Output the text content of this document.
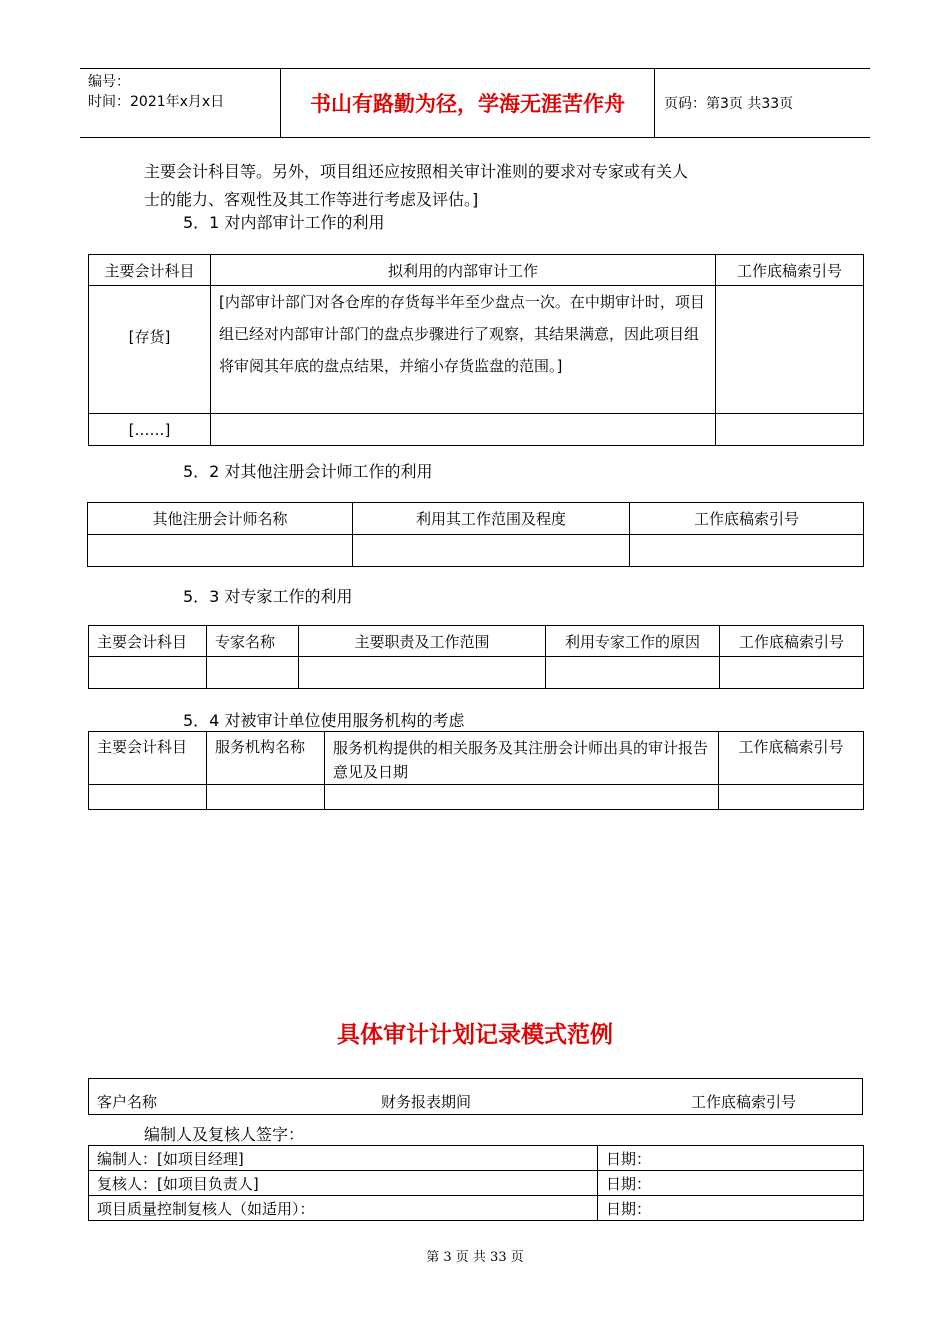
编号：
时间：2021年x月x日	书山有路勤为径，学海无涯苦作舟	页码：第3页 共33页
主要会计科目等。另外，项目组还应按照相关审计准则的要求对专家或有关人
士的能力、客观性及其工作等进行考虑及评估。]
5．1 对内部审计工作的利用
主要会计科目	拟利用的内部审计工作	工作底稿索引号
[存货]	[内部审计部门对各仓库的存货每半年至少盘点一次。在中期审计时，项目组已经对内部审计部门的盘点步骤进行了观察，其结果满意，因此项目组将审阅其年底的盘点结果，并缩小存货监盘的范围。]	
[……]		
5．2 对其他注册会计师工作的利用
其他注册会计师名称	利用其工作范围及程度	工作底稿索引号

5．3 对专家工作的利用
主要会计科目	专家名称	主要职责及工作范围	利用专家工作的原因	工作底稿索引号

5．4 对被审计单位使用服务机构的考虑
主要会计科目	服务机构名称	服务机构提供的相关服务及其注册会计师出具的审计报告意见及日期	工作底稿索引号

具体审计计划记录模式范例
客户名称	财务报表期间	工作底稿索引号
编制人及复核人签字：
编制人：[如项目经理]	日期：
复核人：[如项目负责人]	日期：
项目质量控制复核人（如适用）：	日期：
第 3 页 共 33 页
